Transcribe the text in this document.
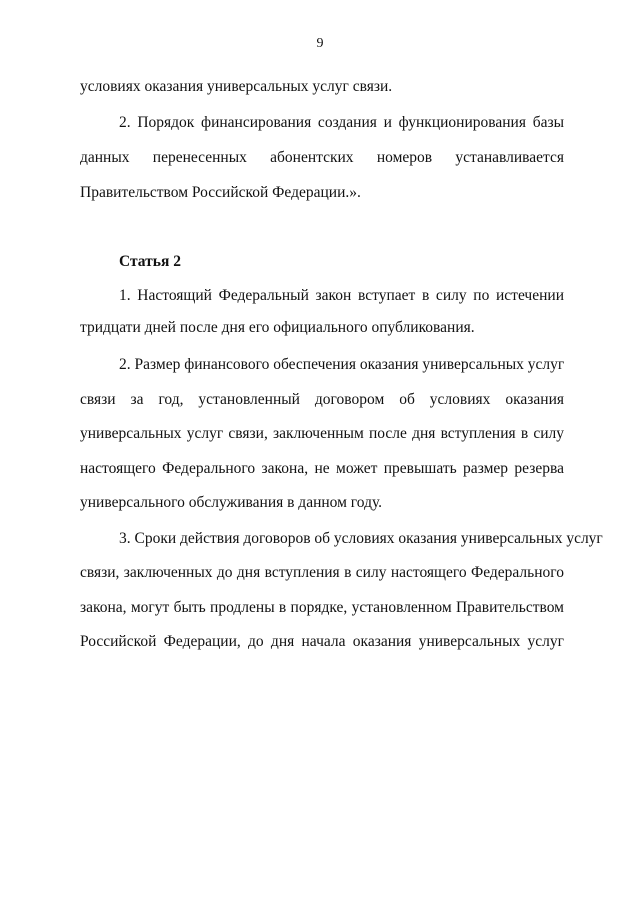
9
условиях оказания универсальных услуг связи.
2. Порядок финансирования создания и функционирования базы
данных перенесенных абонентских номеров устанавливается
Правительством Российской Федерации.».
Статья 2
1. Настоящий Федеральный закон вступает в силу по истечении
тридцати дней после дня его официального опубликования.
2. Размер финансового обеспечения оказания универсальных услуг
связи за год, установленный договором об условиях оказания
универсальных услуг связи, заключенным после дня вступления в силу
настоящего Федерального закона, не может превышать размер резерва
универсального обслуживания в данном году.
3. Сроки действия договоров об условиях оказания универсальных услуг
связи, заключенных до дня вступления в силу настоящего Федерального
закона, могут быть продлены в порядке, установленном Правительством
Российской Федерации, до дня начала оказания универсальных услуг
